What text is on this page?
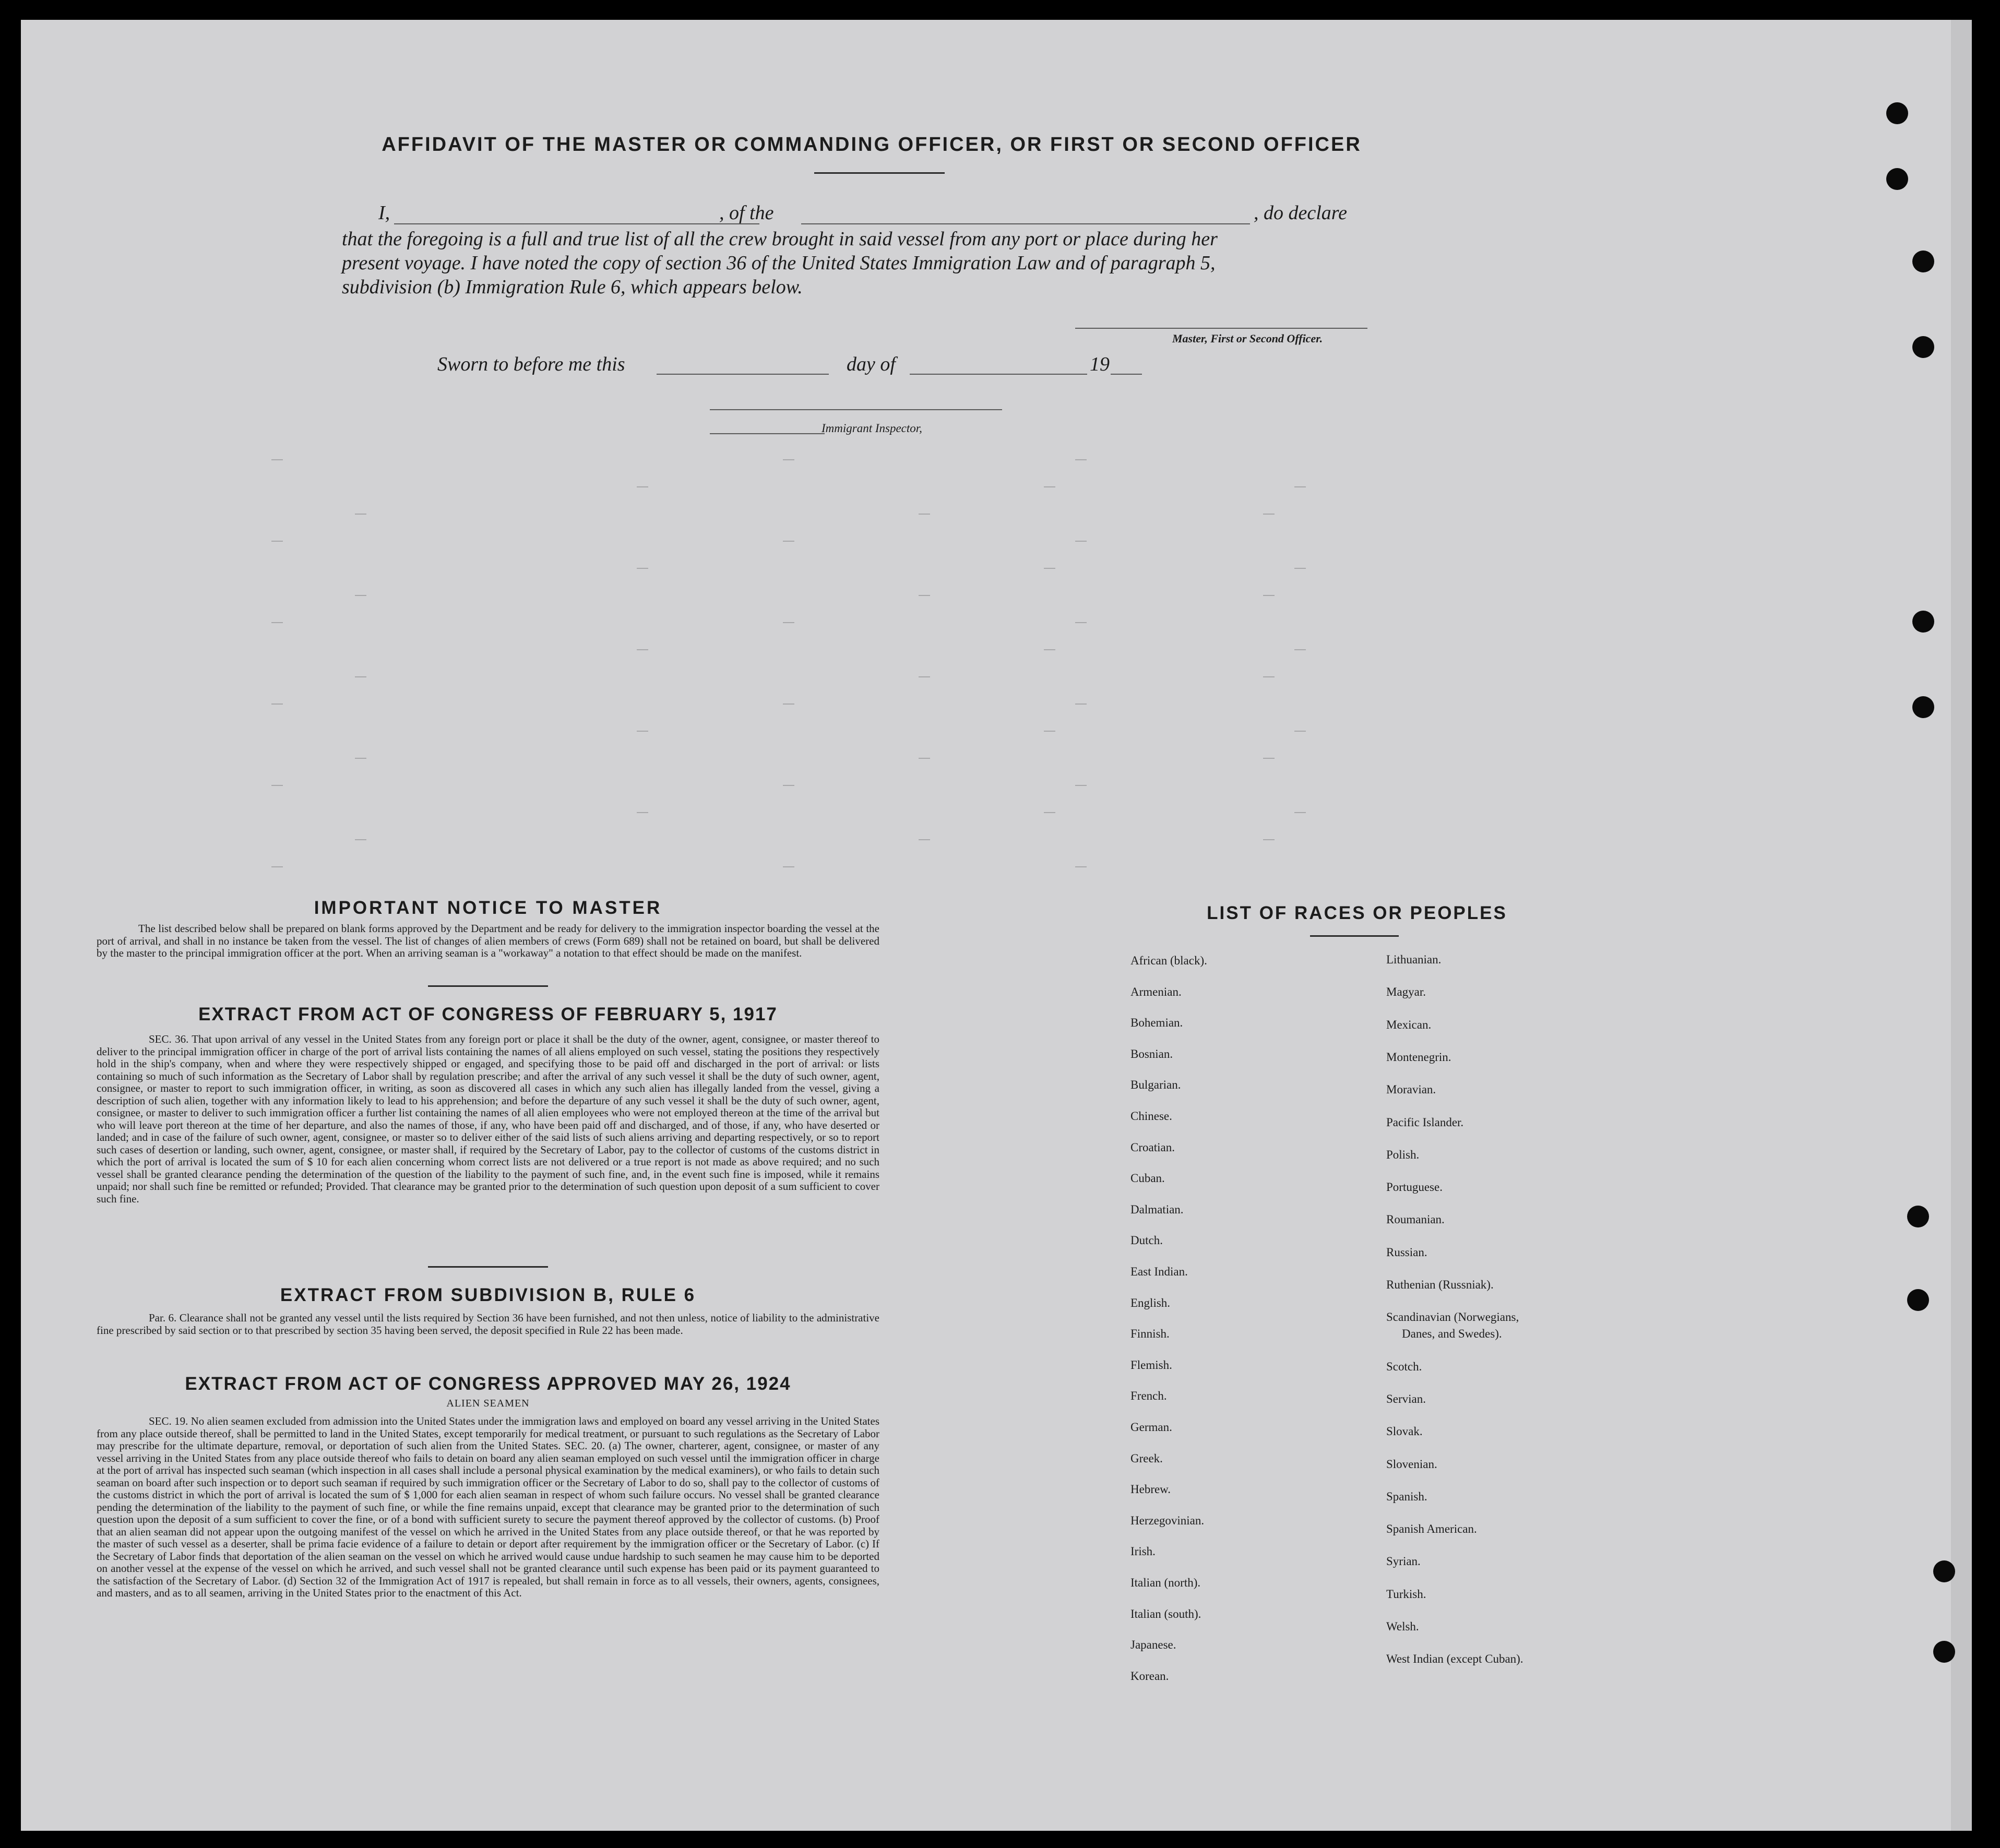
AFFIDAVIT OF THE MASTER OR COMMANDING OFFICER, OR FIRST OR SECOND OFFICER
I,	, of the	, do declare
that the foregoing is a full and true list of all the crew brought in said vessel from any port or place during her
present voyage. I have noted the copy of section 36 of the United States Immigration Law and of paragraph 5,
subdivision (b) Immigration Rule 6, which appears below.
Master, First or Second Officer.
Sworn to before me this	day of	19
Immigrant Inspector,
IMPORTANT NOTICE TO MASTER
The list described below shall be prepared on blank forms approved by the Department and be ready for delivery to the immigration inspector boarding the vessel at the port of arrival, and shall in no instance be taken from the vessel. The list of changes of alien members of crews (Form 689) shall not be retained on board, but shall be delivered by the master to the principal immigration officer at the port. When an arriving seaman is a "workaway" a notation to that effect should be made on the manifest.
EXTRACT FROM ACT OF CONGRESS OF FEBRUARY 5, 1917
SEC. 36. That upon arrival of any vessel in the United States from any foreign port or place it shall be the duty of the owner, agent, consignee, or master thereof to deliver to the principal immigration officer in charge of the port of arrival lists containing the names of all aliens employed on such vessel, stating the positions they respectively hold in the ship's company, when and where they were respectively shipped or engaged, and specifying those to be paid off and discharged in the port of arrival: or lists containing so much of such information as the Secretary of Labor shall by regulation prescribe; and after the arrival of any such vessel it shall be the duty of such owner, agent, consignee, or master to report to such immigration officer, in writing, as soon as discovered all cases in which any such alien has illegally landed from the vessel, giving a description of such alien, together with any information likely to lead to his apprehension; and before the departure of any such vessel it shall be the duty of such owner, agent, consignee, or master to deliver to such immigration officer a further list containing the names of all alien employees who were not employed thereon at the time of the arrival but who will leave port thereon at the time of her departure, and also the names of those, if any, who have been paid off and discharged, and of those, if any, who have deserted or landed; and in case of the failure of such owner, agent, consignee, or master so to deliver either of the said lists of such aliens arriving and departing respectively, or so to report such cases of desertion or landing, such owner, agent, consignee, or master shall, if required by the Secretary of Labor, pay to the collector of customs of the customs district in which the port of arrival is located the sum of $ 10 for each alien concerning whom correct lists are not delivered or a true report is not made as above required; and no such vessel shall be granted clearance pending the determination of the question of the liability to the payment of such fine, and, in the event such fine is imposed, while it remains unpaid; nor shall such fine be remitted or refunded; Provided. That clearance may be granted prior to the determination of such question upon deposit of a sum sufficient to cover such fine.
EXTRACT FROM SUBDIVISION B, RULE 6
Par. 6. Clearance shall not be granted any vessel until the lists required by Section 36 have been furnished, and not then unless, notice of liability to the administrative fine prescribed by said section or to that prescribed by section 35 having been served, the deposit specified in Rule 22 has been made.
EXTRACT FROM ACT OF CONGRESS APPROVED MAY 26, 1924
ALIEN SEAMEN
SEC. 19. No alien seamen excluded from admission into the United States under the immigration laws and employed on board any vessel arriving in the United States from any place outside thereof, shall be permitted to land in the United States, except temporarily for medical treatment, or pursuant to such regulations as the Secretary of Labor may prescribe for the ultimate departure, removal, or deportation of such alien from the United States. SEC. 20. (a) The owner, charterer, agent, consignee, or master of any vessel arriving in the United States from any place outside thereof who fails to detain on board any alien seaman employed on such vessel until the immigration officer in charge at the port of arrival has inspected such seaman (which inspection in all cases shall include a personal physical examination by the medical examiners), or who fails to detain such seaman on board after such inspection or to deport such seaman if required by such immigration officer or the Secretary of Labor to do so, shall pay to the collector of customs of the customs district in which the port of arrival is located the sum of $ 1,000 for each alien seaman in respect of whom such failure occurs. No vessel shall be granted clearance pending the determination of the liability to the payment of such fine, or while the fine remains unpaid, except that clearance may be granted prior to the determination of such question upon the deposit of a sum sufficient to cover the fine, or of a bond with sufficient surety to secure the payment thereof approved by the collector of customs. (b) Proof that an alien seaman did not appear upon the outgoing manifest of the vessel on which he arrived in the United States from any place outside thereof, or that he was reported by the master of such vessel as a deserter, shall be prima facie evidence of a failure to detain or deport after requirement by the immigration officer or the Secretary of Labor. (c) If the Secretary of Labor finds that deportation of the alien seaman on the vessel on which he arrived would cause undue hardship to such seamen he may cause him to be deported on another vessel at the expense of the vessel on which he arrived, and such vessel shall not be granted clearance until such expense has been paid or its payment guaranteed to the satisfaction of the Secretary of Labor. (d) Section 32 of the Immigration Act of 1917 is repealed, but shall remain in force as to all vessels, their owners, agents, consignees, and masters, and as to all seamen, arriving in the United States prior to the enactment of this Act.
LIST OF RACES OR PEOPLES
African (black).
Armenian.
Bohemian.
Bosnian.
Bulgarian.
Chinese.
Croatian.
Cuban.
Dalmatian.
Dutch.
East Indian.
English.
Finnish.
Flemish.
French.
German.
Greek.
Hebrew.
Herzegovinian.
Irish.
Italian (north).
Italian (south).
Japanese.
Korean.
Lithuanian.
Magyar.
Mexican.
Montenegrin.
Moravian.
Pacific Islander.
Polish.
Portuguese.
Roumanian.
Russian.
Ruthenian (Russniak).
Scandinavian (Norwegians,
Danes, and Swedes).
Scotch.
Servian.
Slovak.
Slovenian.
Spanish.
Spanish American.
Syrian.
Turkish.
Welsh.
West Indian (except Cuban).
